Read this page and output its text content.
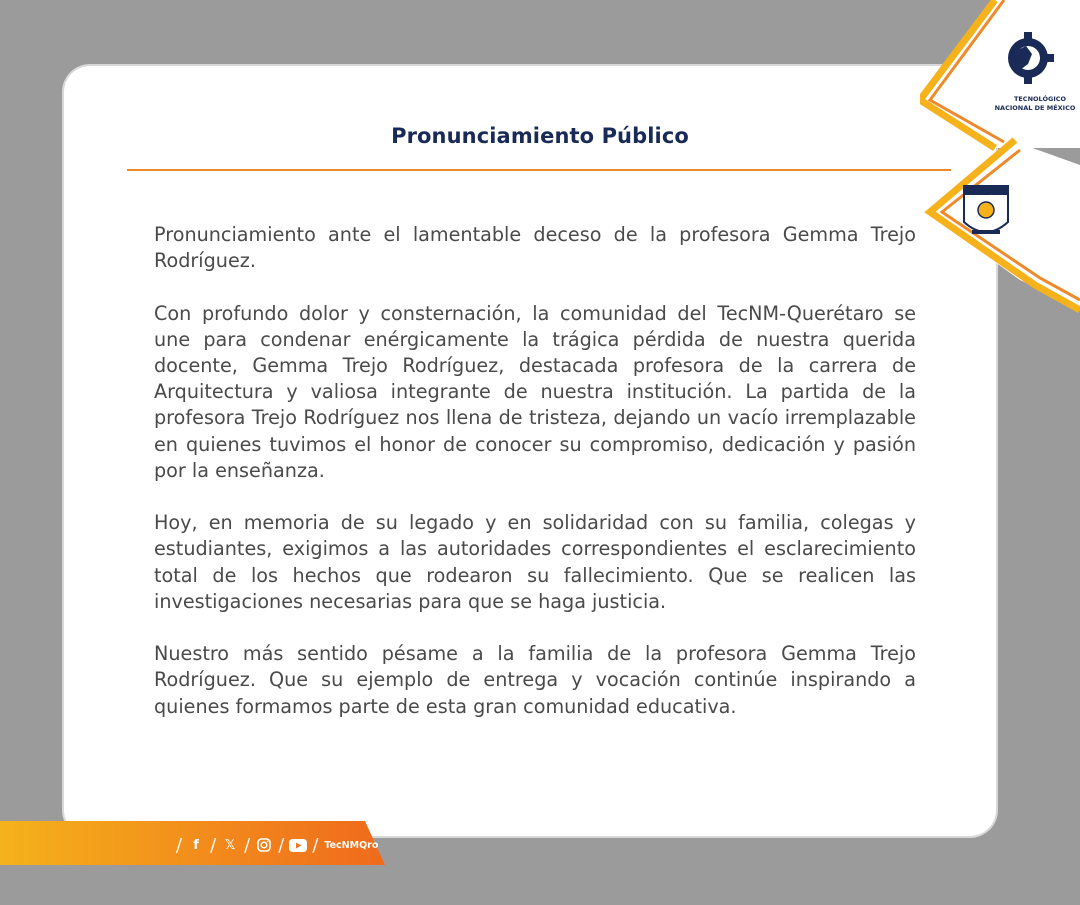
Pronunciamiento Público

Pronunciamiento ante el lamentable deceso de la profesora Gemma Trejo Rodríguez.

Con profundo dolor y consternación, la comunidad del TecNM-Querétaro se une para condenar enérgicamente la trágica pérdida de nuestra querida docente, Gemma Trejo Rodríguez, destacada profesora de la carrera de Arquitectura y valiosa integrante de nuestra institución. La partida de la profesora Trejo Rodríguez nos llena de tristeza, dejando un vacío irremplazable en quienes tuvimos el honor de conocer su compromiso, dedicación y pasión por la enseñanza.

Hoy, en memoria de su legado y en solidaridad con su familia, colegas y estudiantes, exigimos a las autoridades correspondientes el esclarecimiento total de los hechos que rodearon su fallecimiento. Que se realicen las investigaciones necesarias para que se haga justicia.

Nuestro más sentido pésame a la familia de la profesora Gemma Trejo Rodríguez. Que su ejemplo de entrega y vocación continúe inspirando a quienes formamos parte de esta gran comunidad educativa.

TECNOLÓGICO
NACIONAL DE MÉXICO
CIENCIA TÉCNICA
/ f / 𝕏 / / / TecNMQro
